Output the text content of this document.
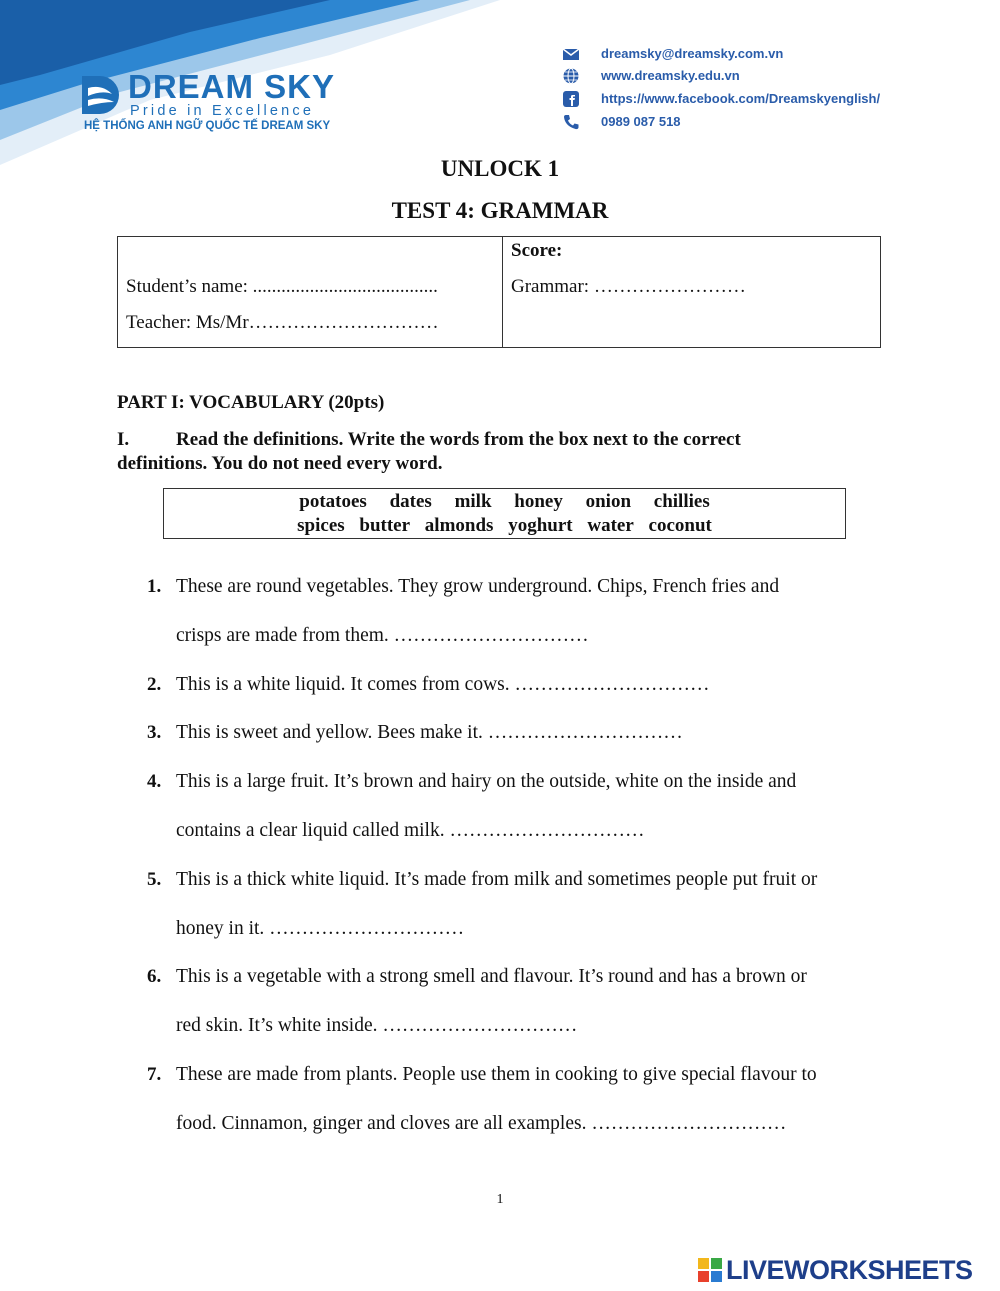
DREAM SKY
Pride in Excellence
HỆ THỐNG ANH NGỮ QUỐC TẾ DREAM SKY
dreamsky@dreamsky.com.vn
www.dreamsky.edu.vn
https://www.facebook.com/Dreamskyenglish/
0989 087 518
UNLOCK 1
TEST 4: GRAMMAR
Student’s name: .......................................
Teacher: Ms/Mr…………………………
Score:
Grammar: ……………………
PART I: VOCABULARY (20pts)
I. Read the definitions. Write the words from the box next to the correct
definitions. You do not need every word.
potatoes dates milk honey onion chillies
spices butter almonds yoghurt water coconut
1. These are round vegetables. They grow underground. Chips, French fries and
crisps are made from them. …………………………
2. This is a white liquid. It comes from cows. …………………………
3. This is sweet and yellow. Bees make it. …………………………
4. This is a large fruit. It’s brown and hairy on the outside, white on the inside and
contains a clear liquid called milk. …………………………
5. This is a thick white liquid. It’s made from milk and sometimes people put fruit or
honey in it. …………………………
6. This is a vegetable with a strong smell and flavour. It’s round and has a brown or
red skin. It’s white inside. …………………………
7. These are made from plants. People use them in cooking to give special flavour to
food. Cinnamon, ginger and cloves are all examples. …………………………
1
LIVEWORKSHEETS
